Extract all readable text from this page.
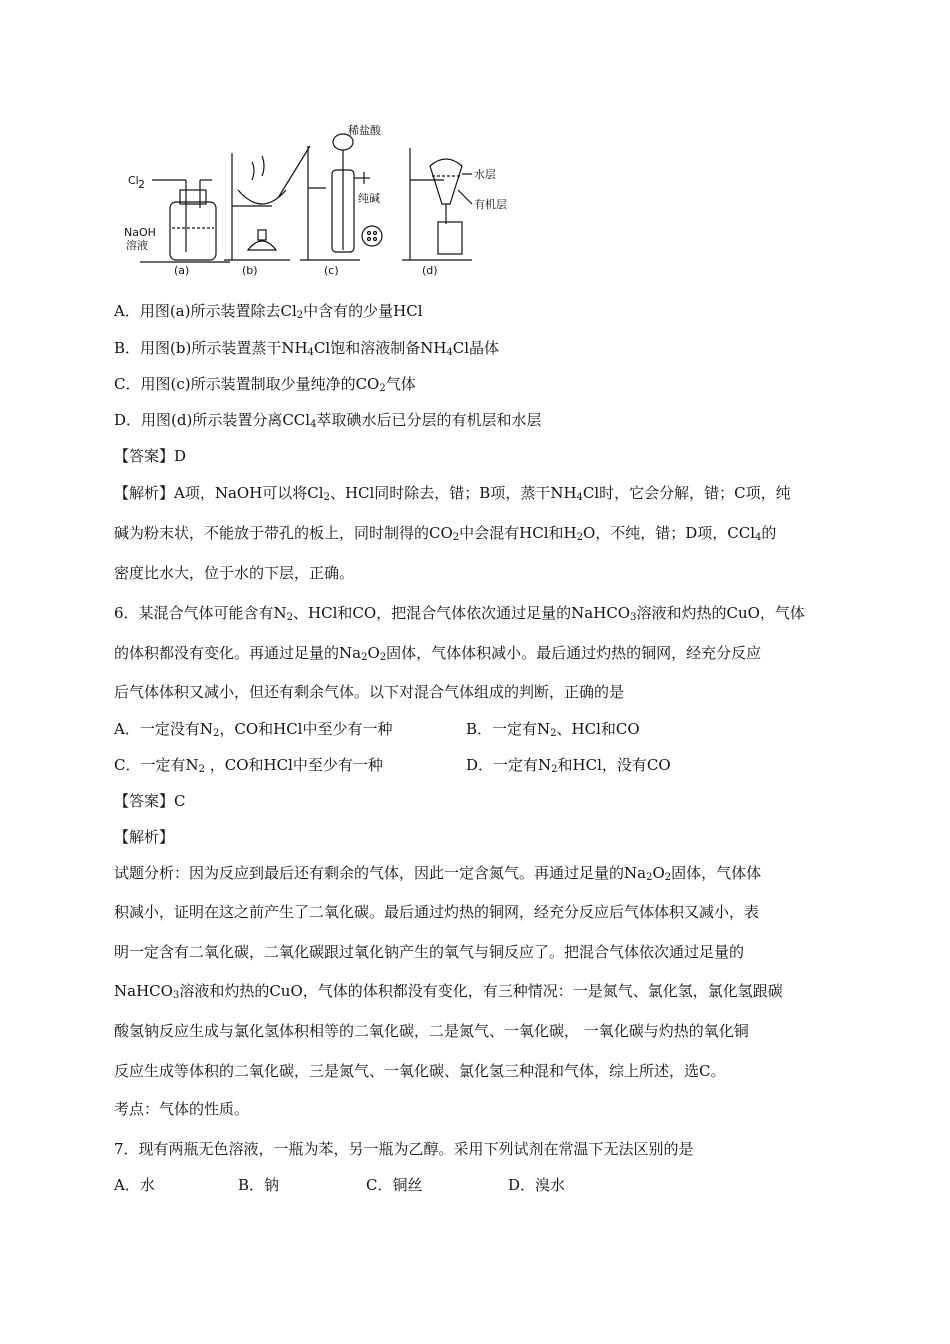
Cl 2
NaOH
溶液
稀盐酸
纯碱
水层
有机层
(a)	(b)	(c)	(d)
A．用图(a)所示装置除去$Cl_2$中含有的少量HCl
B．用图(b)所示装置蒸干$NH_4Cl$饱和溶液制备$NH_4Cl$晶体
C．用图(c)所示装置制取少量纯净的$CO_2$气体
D．用图(d)所示装置分离CCl$_4$萃取碘水后已分层的有机层和水层
【答案】D
【解析】A项，NaOH可以将$Cl_2$、HCl同时除去，错；B项，蒸干$NH_4Cl$时，它会分解，错；C项，纯
碱为粉末状，不能放于带孔的板上，同时制得的$CO_2$中会混有HCl和$H_2O$，不纯，错；D项，CCl$_4$的
密度比水大，位于水的下层，正确。
6．某混合气体可能含有$N_2$、HCl和CO，把混合气体依次通过足量的NaHCO$_3$溶液和灼热的CuO，气体
的体积都没有变化。再通过足量的$Na_2O_2$固体，气体体积减小。最后通过灼热的铜网，经充分反应
后气体体积又减小，但还有剩余气体。以下对混合气体组成的判断，正确的是
A．一定没有$N_2$，CO和HCl中至少有一种	B．一定有$N_2$、HCl和CO
C．一定有$N_2$ ，CO和HCl中至少有一种	D．一定有$N_2$和HCl，没有CO
【答案】C
【解析】
试题分析：因为反应到最后还有剩余的气体，因此一定含氮气。再通过足量的$Na_2O_2$固体，气体体
积减小，证明在这之前产生了二氧化碳。最后通过灼热的铜网，经充分反应后气体体积又减小，表
明一定含有二氧化碳，二氧化碳跟过氧化钠产生的氧气与铜反应了。把混合气体依次通过足量的
NaHCO$_3$溶液和灼热的CuO，气体的体积都没有变化，有三种情况：一是氮气、氯化氢，氯化氢跟碳
酸氢钠反应生成与氯化氢体积相等的二氧化碳，二是氮气、一氧化碳， 一氧化碳与灼热的氧化铜
反应生成等体积的二氧化碳，三是氮气、一氧化碳、氯化氢三种混和气体，综上所述，选C。
考点：气体的性质。
7．现有两瓶无色溶液，一瓶为苯，另一瓶为乙醇。采用下列试剂在常温下无法区别的是
A．水	B．钠	C．铜丝	D．溴水
